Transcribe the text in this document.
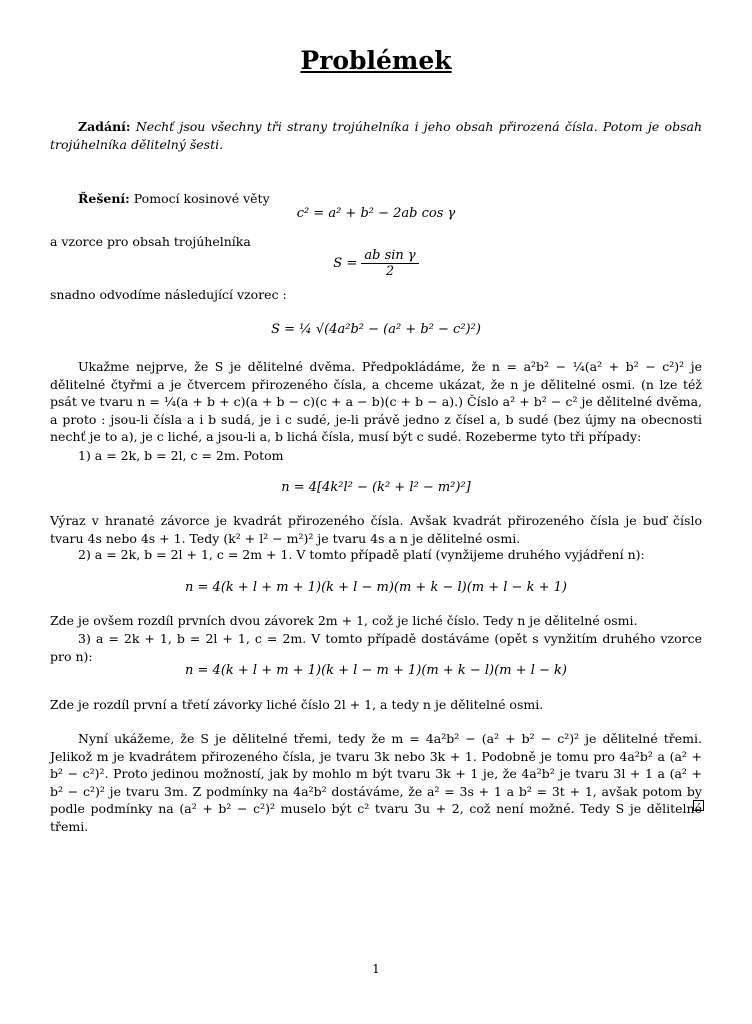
Problémek

Zadání: Nechť jsou všechny tři strany trojúhelníka i jeho obsah přirozená čísla. Potom je obsah trojúhelníka dělitelný šesti.

Řešení: Pomocí kosinové věty

c² = a² + b² − 2ab cos γ

a vzorce pro obsah trojúhelníka

$S = \frac{\text{ab sin γ}}{2}$

snadno odvodíme následující vzorec :

S = ¼ √(4a²b² − (a² + b² − c²)²)

Ukažme nejprve, že S je dělitelné dvěma. Předpokládáme, že n = a²b² − ¼(a² + b² − c²)² je dělitelné čtyřmi a je čtvercem přirozeného čísla, a chceme ukázat, že n je dělitelné osmi. (n lze též psát ve tvaru n = ¼(a + b + c)(a + b − c)(c + a − b)(c + b − a).) Číslo a² + b² − c² je dělitelné dvěma, a proto : jsou-li čísla a i b sudá, je i c sudé, je-li právě jedno z čísel a, b sudé (bez újmy na obecnosti nechť je to a), je c liché, a jsou-li a, b lichá čísla, musí být c sudé. Rozeberme tyto tři případy:

1) a = 2k, b = 2l, c = 2m. Potom

n = 4[4k²l² − (k² + l² − m²)²]

Výraz v hranaté závorce je kvadrát přirozeného čísla. Avšak kvadrát přirozeného čísla je buď číslo tvaru 4s nebo 4s + 1. Tedy (k² + l² − m²)² je tvaru 4s a n je dělitelné osmi.

2) a = 2k, b = 2l + 1, c = 2m + 1. V tomto případě platí (vynžijeme druhého vyjádření n):

n = 4(k + l + m + 1)(k + l − m)(m + k − l)(m + l − k + 1)

Zde je ovšem rozdíl prvních dvou závorek 2m + 1, což je liché číslo. Tedy n je dělitelné osmi.

3) a = 2k + 1, b = 2l + 1, c = 2m. V tomto případě dostáváme (opět s vynžitím druhého vzorce pro n):

n = 4(k + l + m + 1)(k + l − m + 1)(m + k − l)(m + l − k)

Zde je rozdíl první a třetí závorky liché číslo 2l + 1, a tedy n je dělitelné osmi.

Nyní ukážeme, že S je dělitelné třemi, tedy že m = 4a²b² − (a² + b² − c²)² je dělitelné třemi. Jelikož m je kvadrátem přirozeného čísla, je tvaru 3k nebo 3k + 1. Podobně je tomu pro 4a²b² a (a² + b² − c²)². Proto jedinou možností, jak by mohlo m být tvaru 3k + 1 je, že 4a²b² je tvaru 3l + 1 a (a² + b² − c²)² je tvaru 3m. Z podmínky na 4a²b² dostáváme, že a² = 3s + 1 a b² = 3t + 1, avšak potom by podle podmínky na (a² + b² − c²)² muselo být c² tvaru 3u + 2, což není možné. Tedy S je dělitelné třemi.

1
